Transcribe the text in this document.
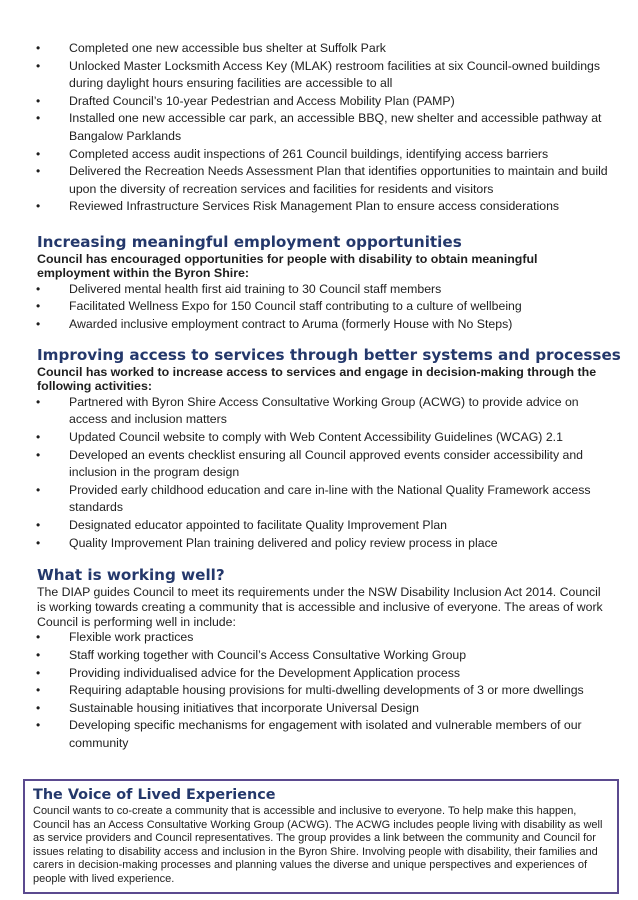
• Completed one new accessible bus shelter at Suffolk Park
• Unlocked Master Locksmith Access Key (MLAK) restroom facilities at six Council-owned buildings during daylight hours ensuring facilities are accessible to all
• Drafted Council’s 10-year Pedestrian and Access Mobility Plan (PAMP)
• Installed one new accessible car park, an accessible BBQ, new shelter and accessible pathway at Bangalow Parklands
• Completed access audit inspections of 261 Council buildings, identifying access barriers
• Delivered the Recreation Needs Assessment Plan that identifies opportunities to maintain and build upon the diversity of recreation services and facilities for residents and visitors
• Reviewed Infrastructure Services Risk Management Plan to ensure access considerations
Increasing meaningful employment opportunities

Council has encouraged opportunities for people with disability to obtain meaningful employment within the Byron Shire:

• Delivered mental health first aid training to 30 Council staff members
• Facilitated Wellness Expo for 150 Council staff contributing to a culture of wellbeing
• Awarded inclusive employment contract to Aruma (formerly House with No Steps)
Improving access to services through better systems and processes

Council has worked to increase access to services and engage in decision-making through the following activities:

• Partnered with Byron Shire Access Consultative Working Group (ACWG) to provide advice on access and inclusion matters
• Updated Council website to comply with Web Content Accessibility Guidelines (WCAG) 2.1
• Developed an events checklist ensuring all Council approved events consider accessibility and inclusion in the program design
• Provided early childhood education and care in-line with the National Quality Framework access standards
• Designated educator appointed to facilitate Quality Improvement Plan
• Quality Improvement Plan training delivered and policy review process in place
What is working well?

The DIAP guides Council to meet its requirements under the NSW Disability Inclusion Act 2014. Council is working towards creating a community that is accessible and inclusive of everyone. The areas of work Council is performing well in include:

• Flexible work practices
• Staff working together with Council’s Access Consultative Working Group
• Providing individualised advice for the Development Application process
• Requiring adaptable housing provisions for multi-dwelling developments of 3 or more dwellings
• Sustainable housing initiatives that incorporate Universal Design
• Developing specific mechanisms for engagement with isolated and vulnerable members of our community
The Voice of Lived Experience

Council wants to co-create a community that is accessible and inclusive to everyone. To help make this happen, Council has an Access Consultative Working Group (ACWG). The ACWG includes people living with disability as well as service providers and Council representatives. The group provides a link between the community and Council for issues relating to disability access and inclusion in the Byron Shire. Involving people with disability, their families and carers in decision-making processes and planning values the diverse and unique perspectives and experiences of people with lived experience.
